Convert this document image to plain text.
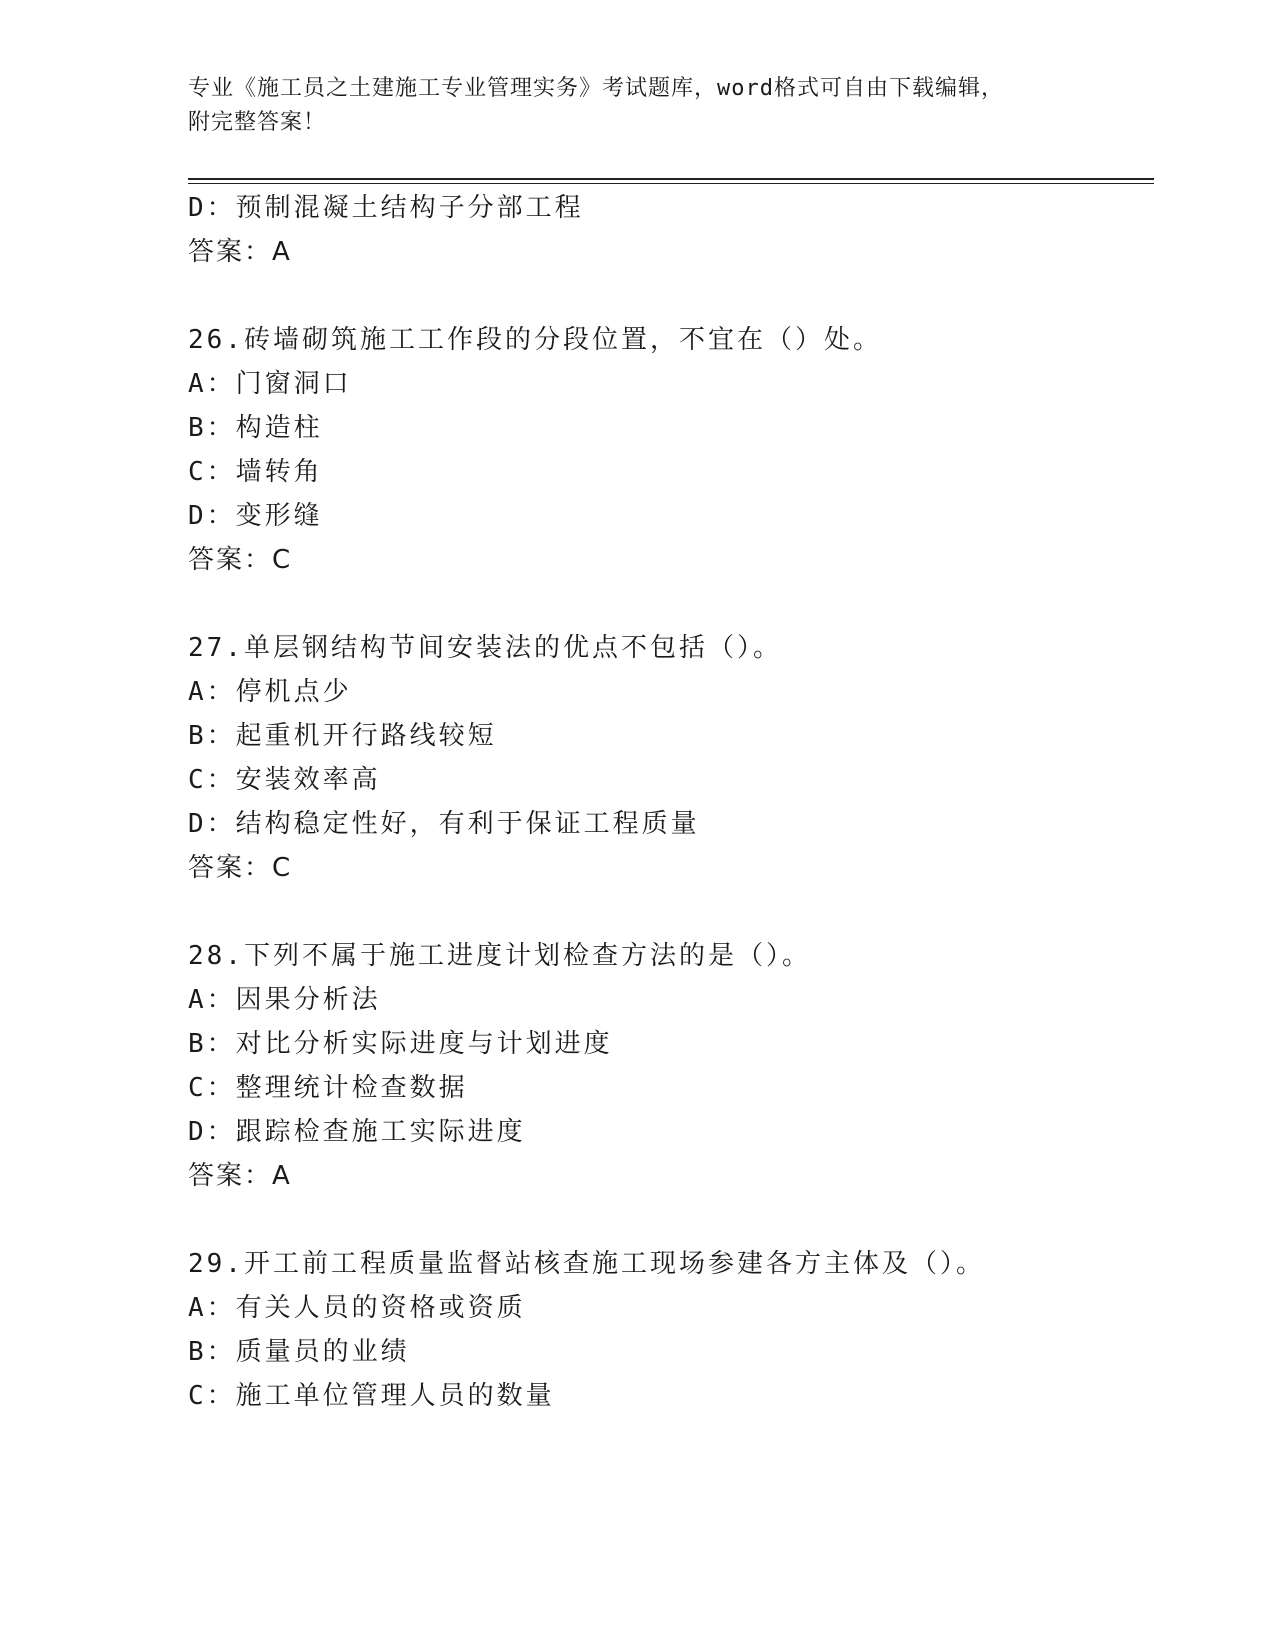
专业《施工员之土建施工专业管理实务》考试题库，word格式可自由下载编辑，
附完整答案！
D：预制混凝土结构子分部工程
答案：A
26.砖墙砌筑施工工作段的分段位置，不宜在（）处。
A：门窗洞口
B：构造柱
C：墙转角
D：变形缝
答案：C
27.单层钢结构节间安装法的优点不包括（）。
A：停机点少
B：起重机开行路线较短
C：安装效率高
D：结构稳定性好，有利于保证工程质量
答案：C
28.下列不属于施工进度计划检查方法的是（）。
A：因果分析法
B：对比分析实际进度与计划进度
C：整理统计检查数据
D：跟踪检查施工实际进度
答案：A
29.开工前工程质量监督站核查施工现场参建各方主体及（）。
A：有关人员的资格或资质
B：质量员的业绩
C：施工单位管理人员的数量
